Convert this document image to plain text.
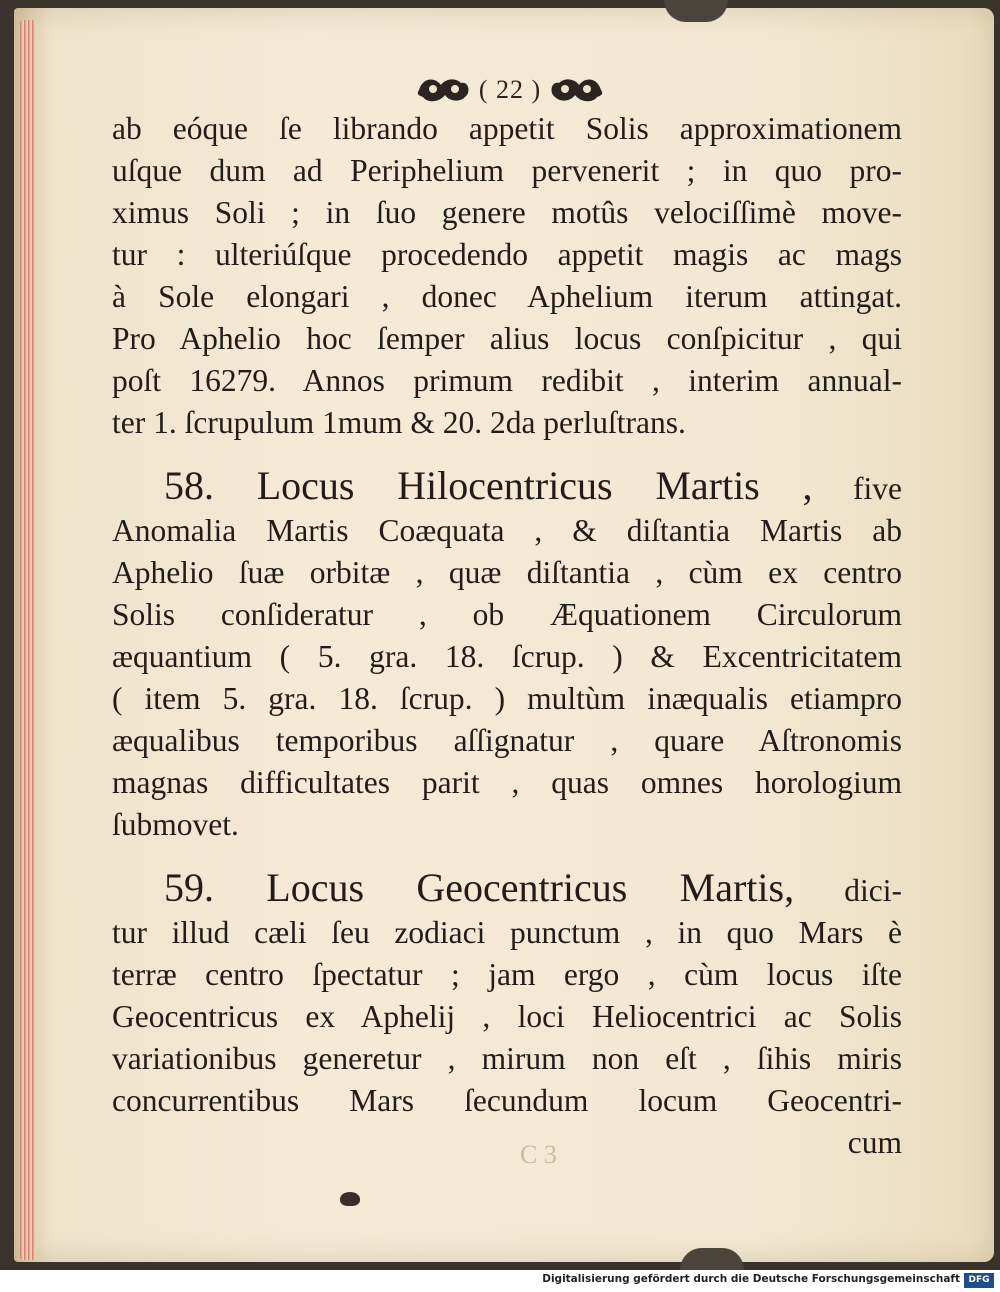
( 22 )
ab eóque ſe librando appetit Solis approximationem
uſque dum ad Periphelium pervenerit ; in quo pro-
ximus Soli ; in ſuo genere motûs velociſſimè move-
tur : ulteriúſque procedendo appetit magis ac mags
à Sole elongari , donec Aphelium iterum attingat.
Pro Aphelio hoc ſemper alius locus conſpicitur , qui
poſt 16279. Annos primum redibit , interim annual-
ter 1. ſcrupulum 1mum & 20. 2da perluſtrans.
58. Locus Hilocentricus Martis , five
Anomalia Martis Coæquata , & diſtantia Martis ab
Aphelio ſuæ orbitæ , quæ diſtantia , cùm ex centro
Solis conſideratur , ob Æquationem Circulorum
æquantium ( 5. gra. 18. ſcrup. ) & Excentricitatem
( item 5. gra. 18. ſcrup. ) multùm inæqualis etiampro
æqualibus temporibus aſſignatur , quare Aſtronomis
magnas difficultates parit , quas omnes horologium
ſubmovet.
59. Locus Geocentricus Martis, dici-
tur illud cæli ſeu zodiaci punctum , in quo Mars è
terræ centro ſpectatur ; jam ergo , cùm locus iſte
Geocentricus ex Aphelij , loci Heliocentrici ac Solis
variationibus generetur , mirum non eſt , ſihis miris
concurrentibus Mars ſecundum locum Geocentri-
cum
C 3
Digitalisierung gefördert durch die Deutsche Forschungsgemeinschaft DFG
